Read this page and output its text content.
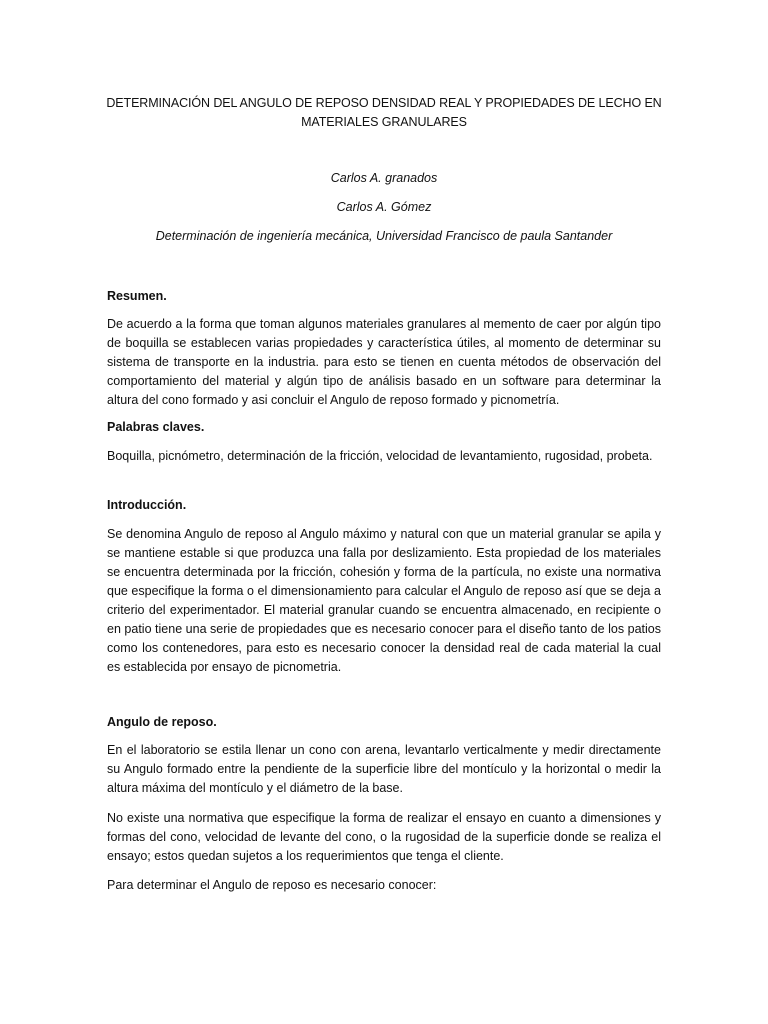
DETERMINACIÓN DEL ANGULO DE REPOSO DENSIDAD REAL Y PROPIEDADES DE LECHO EN MATERIALES GRANULARES
Carlos A. granados
Carlos A. Gómez
Determinación de ingeniería mecánica, Universidad Francisco de paula Santander
Resumen.
De acuerdo a la forma que toman algunos materiales granulares al memento de caer por algún tipo de boquilla se establecen varias propiedades y característica útiles, al momento de determinar su sistema de transporte en la industria. para esto se tienen en cuenta métodos de observación del comportamiento del material y algún tipo de análisis basado en un software para determinar la altura del cono formado y asi concluir el Angulo de reposo formado y picnometría.
Palabras claves.
Boquilla, picnómetro, determinación de la fricción, velocidad de levantamiento, rugosidad, probeta.
Introducción.
Se denomina Angulo de reposo al Angulo máximo y natural con que un material granular se apila y se mantiene estable si que produzca una falla por deslizamiento. Esta propiedad de los materiales se encuentra determinada por la fricción, cohesión y forma de la partícula, no existe una normativa que especifique la forma o el dimensionamiento para calcular el Angulo de reposo así que se deja a criterio del experimentador. El material granular cuando se encuentra almacenado, en recipiente o en patio tiene una serie de propiedades que es necesario conocer para el diseño tanto de los patios como los contenedores, para esto es necesario conocer la densidad real de cada material la cual es establecida por ensayo de picnometria.
Angulo de reposo.
En el laboratorio se estila llenar un cono con arena, levantarlo verticalmente y medir directamente su Angulo formado entre la pendiente de la superficie libre del montículo y la horizontal o medir la altura máxima del montículo y el diámetro de la base.
No existe una normativa que especifique la forma de realizar el ensayo en cuanto a dimensiones y formas del cono, velocidad de levante del cono, o la rugosidad de la superficie donde se realiza el ensayo; estos quedan sujetos a los requerimientos que tenga el cliente.
Para determinar el Angulo de reposo es necesario conocer:
